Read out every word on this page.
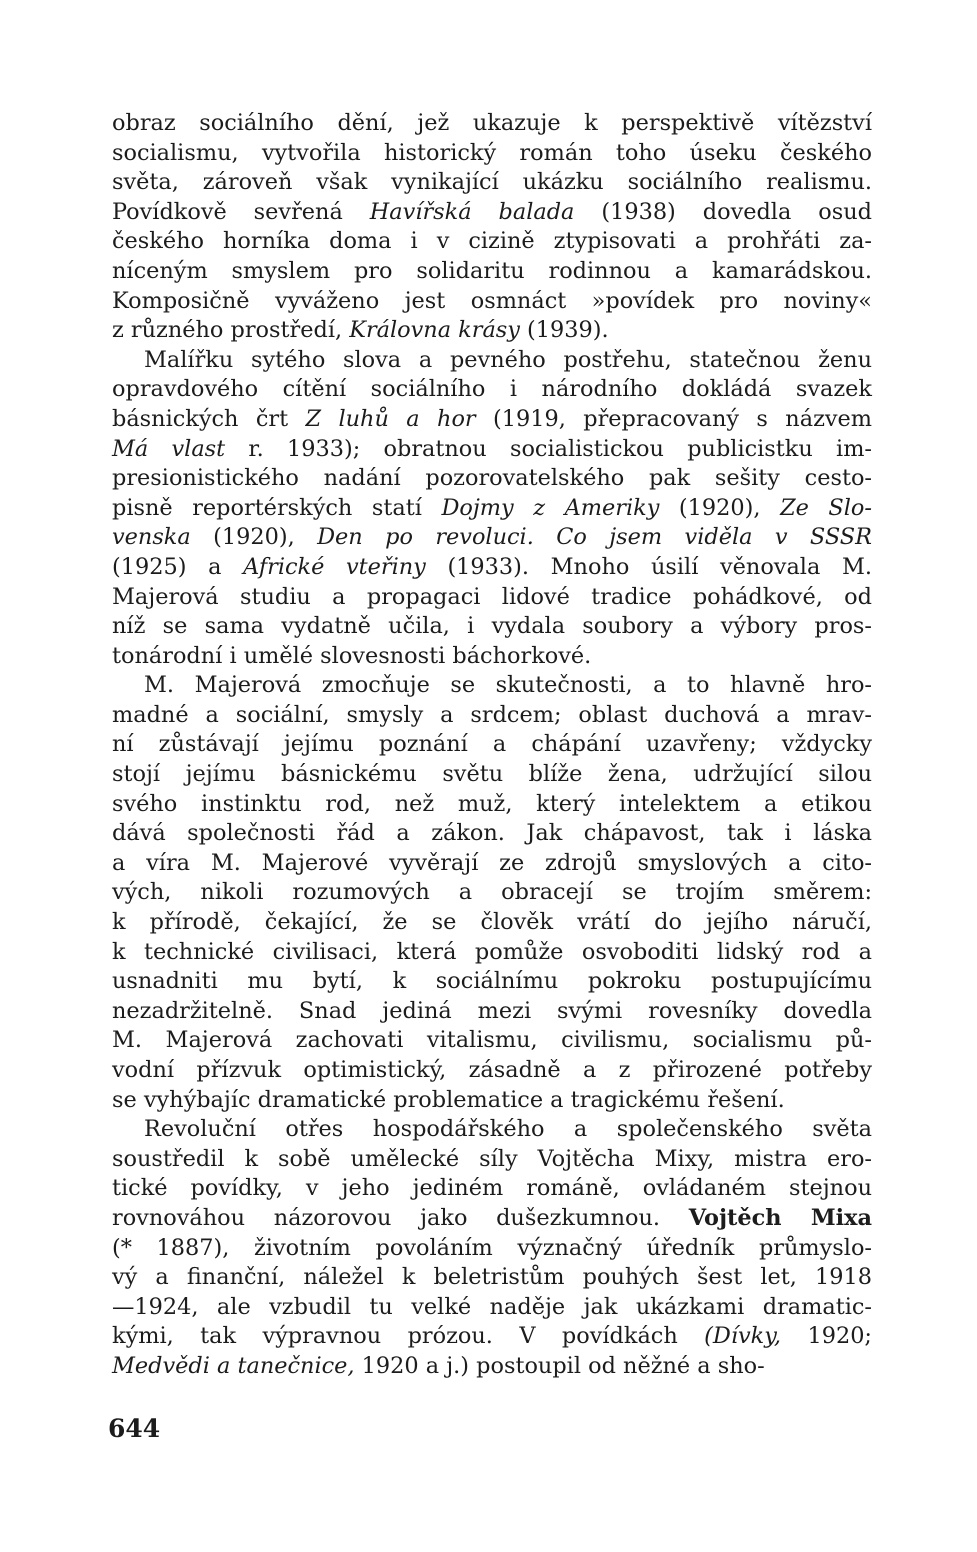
obraz sociálního dění, jež ukazuje k perspektivě vítězství
socialismu, vytvořila historický román toho úseku českého
světa, zároveň však vynikající ukázku sociálního realismu.
Povídkově sevřená Havířská balada (1938) dovedla osud
českého horníka doma i v cizině ztypisovati a prohřáti za-
níceným smyslem pro solidaritu rodinnou a kamarádskou.
Komposičně vyváženo jest osmnáct »povídek pro noviny«
z různého prostředí, Královna krásy (1939).
Malířku sytého slova a pevného postřehu, statečnou ženu
opravdového cítění sociálního i národního dokládá svazek
básnických črt Z luhů a hor (1919, přepracovaný s názvem
Má vlast r. 1933); obratnou socialistickou publicistku im-
presionistického nadání pozorovatelského pak sešity cesto-
pisně reportérských statí Dojmy z Ameriky (1920), Ze Slo-
venska (1920), Den po revoluci. Co jsem viděla v SSSR
(1925) a Africké vteřiny (1933). Mnoho úsilí věnovala M.
Majerová studiu a propagaci lidové tradice pohádkové, od
níž se sama vydatně učila, i vydala soubory a výbory pros-
tonárodní i umělé slovesnosti báchorkové.
M. Majerová zmocňuje se skutečnosti, a to hlavně hro-
madné a sociální, smysly a srdcem; oblast duchová a mrav-
ní zůstávají jejímu poznání a chápání uzavřeny; vždycky
stojí jejímu básnickému světu blíže žena, udržující silou
svého instinktu rod, než muž, který intelektem a etikou
dává společnosti řád a zákon. Jak chápavost, tak i láska
a víra M. Majerové vyvěrají ze zdrojů smyslových a cito-
vých, nikoli rozumových a obracejí se trojím směrem:
k přírodě, čekající, že se člověk vrátí do jejího náručí,
k technické civilisaci, která pomůže osvoboditi lidský rod a
usnadniti mu bytí, k sociálnímu pokroku postupujícímu
nezadržitelně. Snad jediná mezi svými rovesníky dovedla
M. Majerová zachovati vitalismu, civilismu, socialismu pů-
vodní přízvuk optimistický, zásadně a z přirozené potřeby
se vyhýbajíc dramatické problematice a tragickému řešení.
Revoluční otřes hospodářského a společenského světa
soustředil k sobě umělecké síly Vojtěcha Mixy, mistra ero-
tické povídky, v jeho jediném románě, ovládaném stejnou
rovnováhou názorovou jako dušezkumnou. Vojtěch Mixa
(* 1887), životním povoláním význačný úředník průmyslo-
vý a finanční, náležel k beletristům pouhých šest let, 1918
—1924, ale vzbudil tu velké naděje jak ukázkami dramatic-
kými, tak výpravnou prózou. V povídkách (Dívky, 1920;
Medvědi a tanečnice, 1920 a j.) postoupil od něžné a sho-
644
